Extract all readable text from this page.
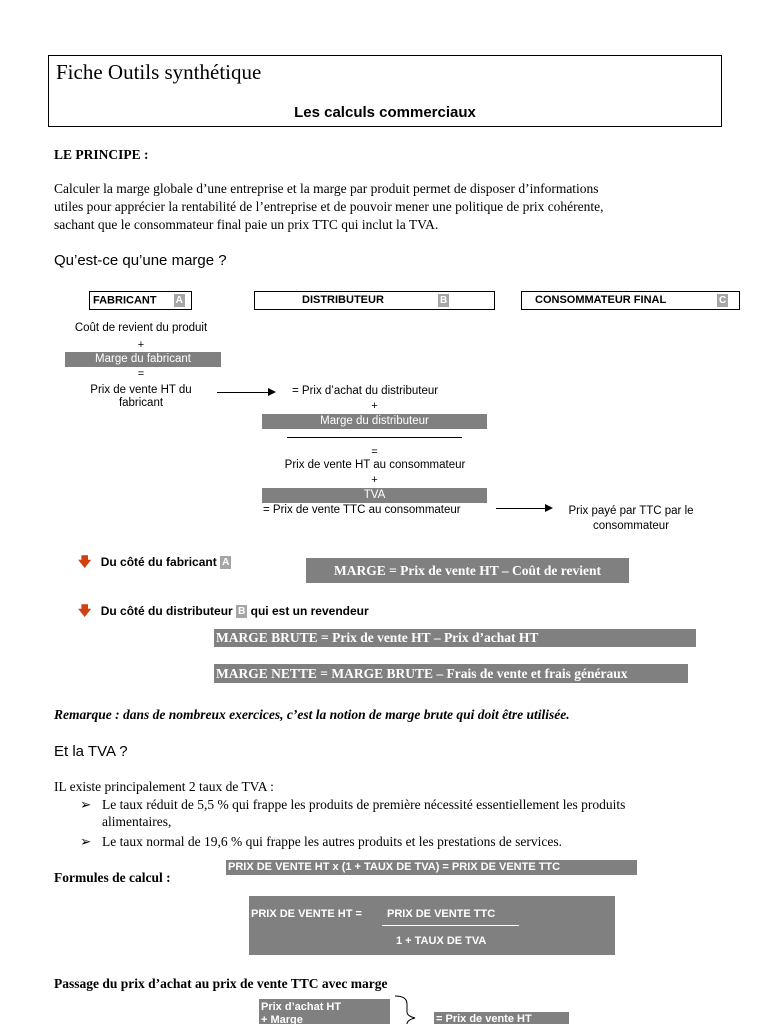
Fiche Outils synthétique
Les calculs commerciaux
LE PRINCIPE :
Calculer la marge globale d’une entreprise et la marge par produit permet de disposer d’informations
utiles pour apprécier la rentabilité de l’entreprise et de pouvoir mener une politique de prix cohérente,
sachant que le consommateur final paie un prix TTC qui inclut la TVA.
Qu’est-ce qu’une marge ?
FABRICANT A	DISTRIBUTEUR	B	CONSOMMATEUR FINAL	C
Coût de revient du produit
+
Marge du fabricant
=
Prix de vente HT du
fabricant
= Prix d’achat du distributeur
+
Marge du distributeur
=
Prix de vente HT au consommateur
+
TVA
= Prix de vente TTC au consommateur	Prix payé par TTC par le
consommateur
🡇 Du côté du fabricant A
MARGE = Prix de vente HT – Coût de revient
🡇 Du côté du distributeur B qui est un revendeur
MARGE BRUTE = Prix de vente HT – Prix d’achat HT
MARGE NETTE = MARGE BRUTE – Frais de vente et frais généraux
Remarque : dans de nombreux exercices, c’est la notion de marge brute qui doit être utilisée.
Et la TVA ?
IL existe principalement 2 taux de TVA :
➢ Le taux réduit de 5,5 % qui frappe les produits de première nécessité essentiellement les produits
alimentaires,
➢ Le taux normal de 19,6 % qui frappe les autres produits et les prestations de services.
Formules de calcul :
PRIX DE VENTE HT x (1 + TAUX DE TVA) = PRIX DE VENTE TTC
PRIX DE VENTE HT = PRIX DE VENTE TTC
1 + TAUX DE TVA
Passage du prix d’achat au prix de vente TTC avec marge
Prix d’achat HT
+ Marge	= Prix de vente HT
